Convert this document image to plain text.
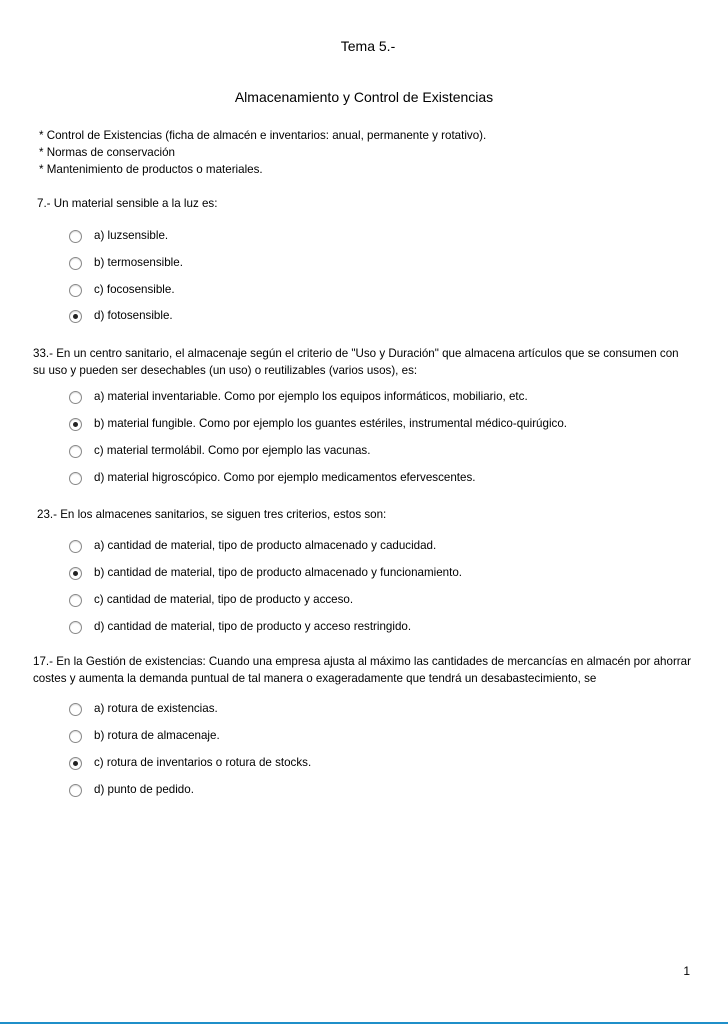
Tema 5.-
Almacenamiento y Control de Existencias
* Control de Existencias (ficha de almacén e inventarios: anual, permanente y rotativo).
* Normas de conservación
* Mantenimiento de productos o materiales.
7.- Un material sensible a la luz es:
a) luzsensible.
b) termosensible.
c) focosensible.
d) fotosensible.
33.- En un centro sanitario, el almacenaje según el criterio de "Uso y Duración" que almacena artículos que se consumen con su uso y pueden ser desechables (un uso) o reutilizables (varios usos), es:
a) material inventariable. Como por ejemplo los equipos informáticos, mobiliario, etc.
b) material fungible. Como por ejemplo los guantes estériles, instrumental médico-quirúgico.
c) material termolábil. Como por ejemplo las vacunas.
d) material higroscópico. Como por ejemplo medicamentos efervescentes.
23.- En los almacenes sanitarios, se siguen tres criterios, estos son:
a) cantidad de material, tipo de producto almacenado y caducidad.
b) cantidad de material, tipo de producto almacenado y funcionamiento.
c) cantidad de material, tipo de producto y acceso.
d) cantidad de material, tipo de producto y acceso restringido.
17.- En la Gestión de existencias: Cuando una empresa ajusta al máximo las cantidades de mercancías en almacén por ahorrar costes y aumenta la demanda puntual de tal manera o exageradamente que tendrá un desabastecimiento, se
a) rotura de existencias.
b) rotura de almacenaje.
c) rotura de inventarios o rotura de stocks.
d) punto de pedido.
1
